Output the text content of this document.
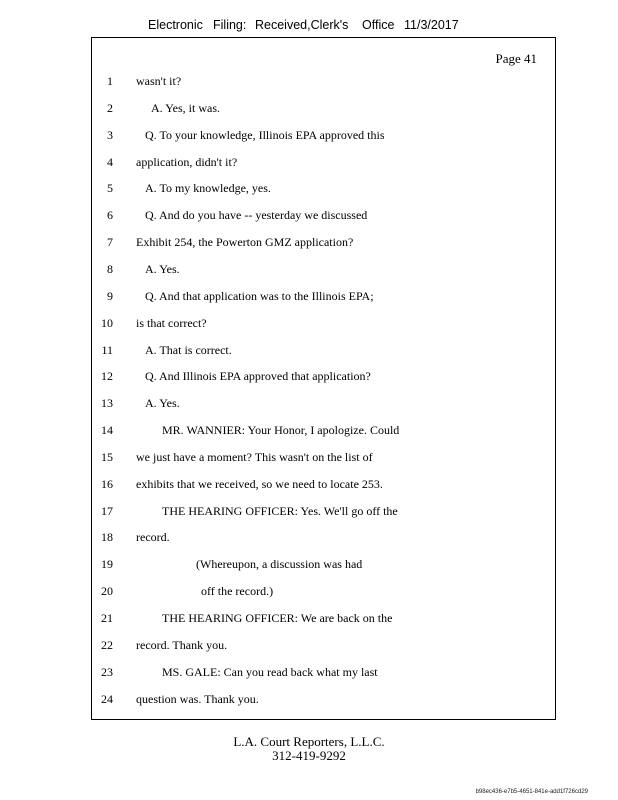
Electronic Filing: Received,Clerk's Office 11/3/2017
Page 41
1 wasn't it?
2	A. Yes, it was.
3	Q. To your knowledge, Illinois EPA approved this
4 application, didn't it?
5	A. To my knowledge, yes.
6	Q. And do you have -- yesterday we discussed
7 Exhibit 254, the Powerton GMZ application?
8	A. Yes.
9	Q. And that application was to the Illinois EPA;
10 is that correct?
11	A. That is correct.
12	Q. And Illinois EPA approved that application?
13	A. Yes.
14	MR. WANNIER: Your Honor, I apologize. Could
15 we just have a moment? This wasn't on the list of
16 exhibits that we received, so we need to locate 253.
17	THE HEARING OFFICER: Yes. We'll go off the
18 record.
19	(Whereupon, a discussion was had
20	off the record.)
21	THE HEARING OFFICER: We are back on the
22 record. Thank you.
23	MS. GALE: Can you read back what my last
24 question was. Thank you.
L.A. Court Reporters, L.L.C.
312-419-9292
b98ec436-e7b5-4651-841e-add1f726cd29
